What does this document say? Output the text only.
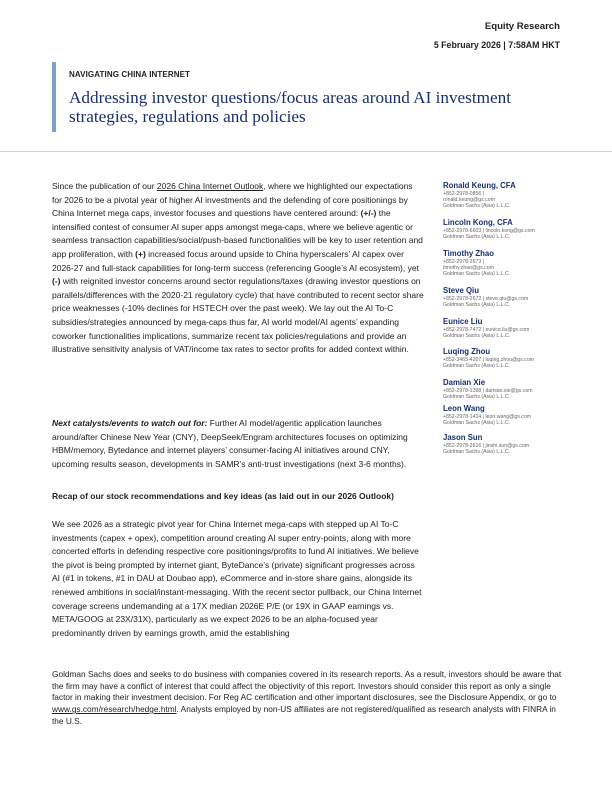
Equity Research
5 February 2026 | 7:58AM HKT
NAVIGATING CHINA INTERNET
Addressing investor questions/focus areas around AI investment
strategies, regulations and policies

Since the publication of our 2026 China Internet Outlook, where we highlighted our expectations for 2026 to be a pivotal year of higher AI investments and the defending of core positionings by China Internet mega caps, investor focuses and questions have centered around: (+/-) the intensified contest of consumer AI super apps amongst mega-caps, where we believe agentic or seamless transaction capabilities/social/push-based functionalities will be key to user retention and app proliferation, with (+) increased focus around upside to China hyperscalers’ AI capex over 2026-27 and full-stack capabilities for long-term success (referencing Google’s AI ecosystem), yet (-) with reignited investor concerns around sector regulations/taxes (drawing investor questions on parallels/differences with the 2020-21 regulatory cycle) that have contributed to recent sector share price weaknesses (-10% declines for HSTECH over the past week). We lay out the AI To-C subsidies/strategies announced by mega-caps thus far, AI world model/AI agents’ expanding coworker functionalities implications, summarize recent tax policies/regulations and provide an illustrative sensitivity analysis of VAT/income tax rates to sector profits for added context within.

Next catalysts/events to watch out for: Further AI model/agentic application launches around/after Chinese New Year (CNY), DeepSeek/Engram architectures focuses on optimizing HBM/memory, Bytedance and internet players’ consumer-facing AI initiatives around CNY, upcoming results season, developments in SAMR’s anti-trust investigations (next 3-6 months).

Recap of our stock recommendations and key ideas (as laid out in our 2026 Outlook)

We see 2026 as a strategic pivot year for China Internet mega-caps with stepped up AI To-C investments (capex + opex), competition around creating AI super entry-points, along with more concerted efforts in defending respective core positionings/profits to fund AI initiatives. We believe the pivot is being prompted by internet giant, ByteDance’s (private) significant progresses across AI (#1 in tokens, #1 in DAU at Doubao app), eCommerce and in-store share gains, alongside its renewed ambitions in social/instant-messaging. With the recent sector pullback, our China Internet coverage screens undemanding at a 17X median 2026E P/E (or 19X in GAAP earnings vs. META/GOOG at 23X/31X), particularly as we expect 2026 to be an alpha-focused year predominantly driven by earnings growth, amid the establishing

Ronald Keung, CFA
+852-2978-0856 |
ronald.keung@gs.com
Goldman Sachs (Asia) L.L.C.
Lincoln Kong, CFA
+852-2978-6603 | lincoln.kong@gs.com
Goldman Sachs (Asia) L.L.C.
Timothy Zhao
+852-2978-2673 |
timothy.zhao@gs.com
Goldman Sachs (Asia) L.L.C.
Steve Qiu
+852-2978-2672 | steve.qiu@gs.com
Goldman Sachs (Asia) L.L.C.
Eunice Liu
+852-2978-7472 | eunice.liu@gs.com
Goldman Sachs (Asia) L.L.C.
Luqing Zhou
+852-3465-4207 | luqing.zhou@gs.com
Goldman Sachs (Asia) L.L.C.
Damian Xie
+852-2978-1398 | damian.xie@gs.com
Goldman Sachs (Asia) L.L.C.
Leon Wang
+852-2978-1414 | leon.wang@gs.com
Goldman Sachs (Asia) L.L.C.
Jason Sun
+852-2978-2616 | jinshi.sun@gs.com
Goldman Sachs (Asia) L.L.C.
Goldman Sachs does and seeks to do business with companies covered in its research reports. As a result, investors should be aware that the firm may have a conflict of interest that could affect the objectivity of this report. Investors should consider this report as only a single factor in making their investment decision. For Reg AC certification and other important disclosures, see the Disclosure Appendix, or go to www.gs.com/research/hedge.html. Analysts employed by non-US affiliates are not registered/qualified as research analysts with FINRA in the U.S.
